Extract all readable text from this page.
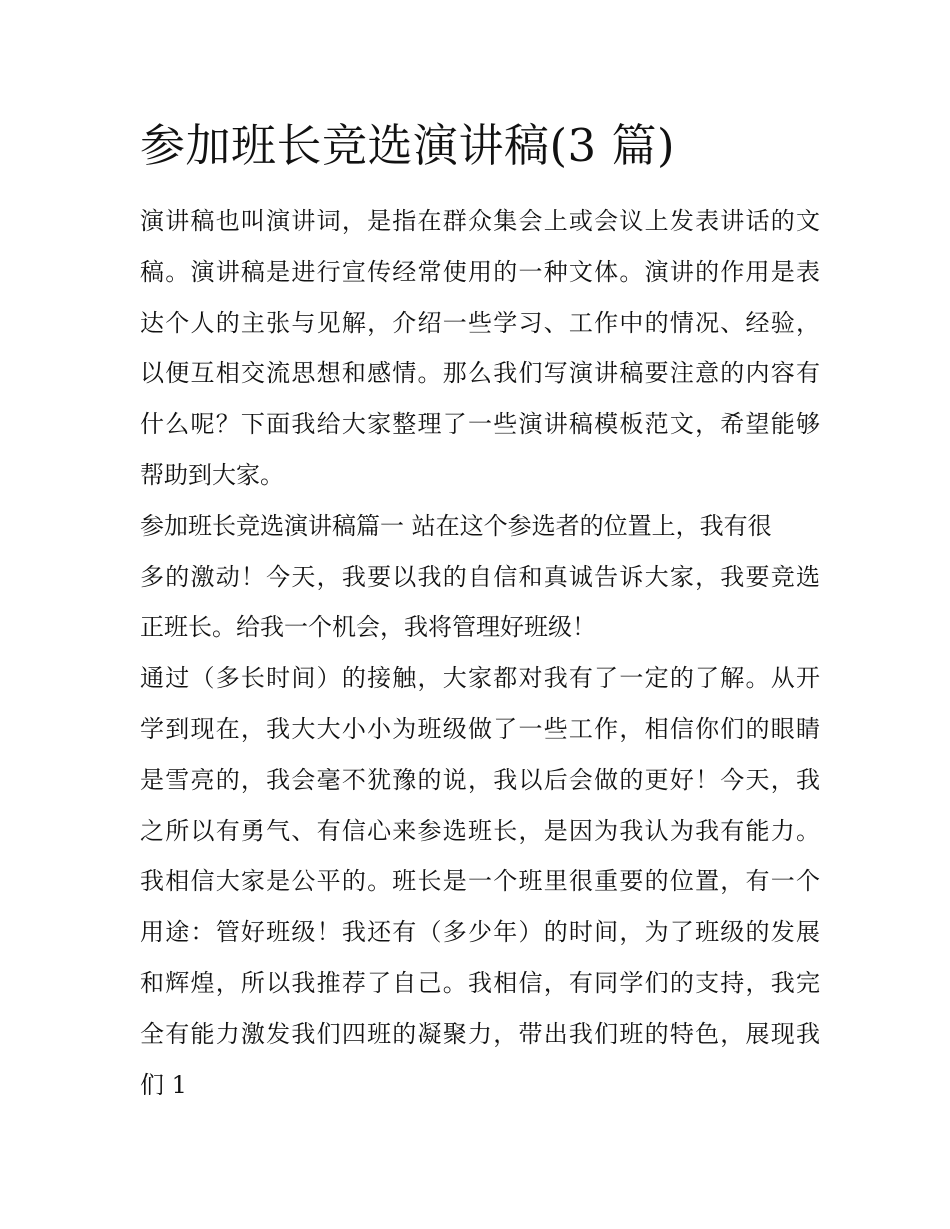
参加班长竞选演讲稿(3 篇)
演讲稿也叫演讲词，是指在群众集会上或会议上发表讲话的文
稿。演讲稿是进行宣传经常使用的一种文体。演讲的作用是表
达个人的主张与见解，介绍一些学习、工作中的情况、经验，
以便互相交流思想和感情。那么我们写演讲稿要注意的内容有
什么呢？下面我给大家整理了一些演讲稿模板范文，希望能够
帮助到大家。
参加班长竞选演讲稿篇一 站在这个参选者的位置上，我有很
多的激动！今天，我要以我的自信和真诚告诉大家，我要竞选
正班长。给我一个机会，我将管理好班级！
通过（多长时间）的接触，大家都对我有了一定的了解。从开
学到现在，我大大小小为班级做了一些工作，相信你们的眼睛
是雪亮的，我会毫不犹豫的说，我以后会做的更好！今天，我
之所以有勇气、有信心来参选班长，是因为我认为我有能力。
我相信大家是公平的。班长是一个班里很重要的位置，有一个
用途：管好班级！我还有（多少年）的时间，为了班级的发展
和辉煌，所以我推荐了自己。我相信，有同学们的支持，我完
全有能力激发我们四班的凝聚力，带出我们班的特色，展现我
们 1
